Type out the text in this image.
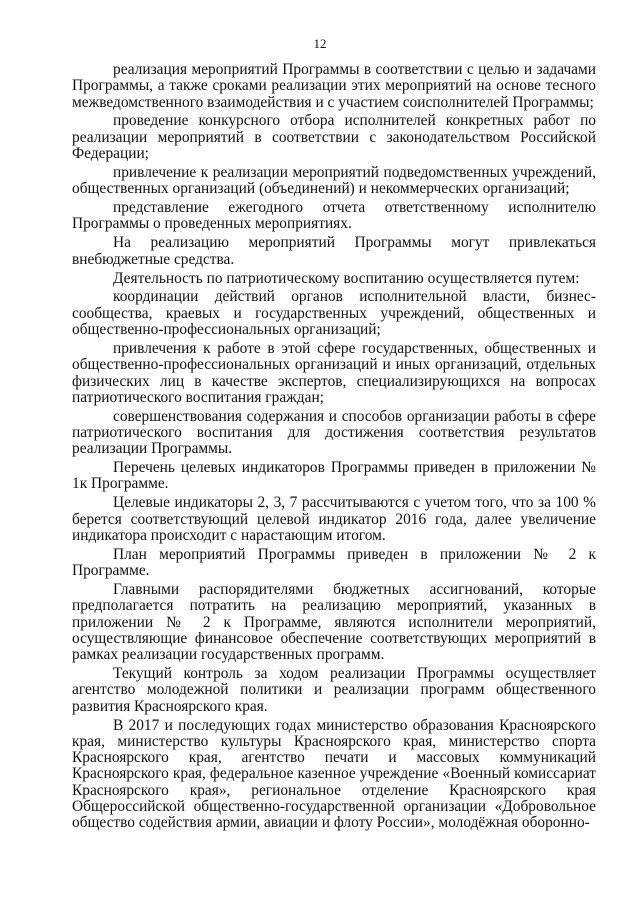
12

реализация мероприятий Программы в соответствии с целью и задачами Программы, а также сроками реализации этих мероприятий на основе тесного межведомственного взаимодействия и с участием соисполнителей Программы;

проведение конкурсного отбора исполнителей конкретных работ по реализации мероприятий в соответствии с законодательством Российской Федерации;

привлечение к реализации мероприятий подведомственных учреждений, общественных организаций (объединений) и некоммерческих организаций;

представление ежегодного отчета ответственному исполнителю Программы о проведенных мероприятиях.

На реализацию мероприятий Программы могут привлекаться внебюджетные средства.

Деятельность по патриотическому воспитанию осуществляется путем:

координации действий органов исполнительной власти, бизнес-сообщества, краевых и государственных учреждений, общественных и общественно-профессиональных организаций;

привлечения к работе в этой сфере государственных, общественных и общественно-профессиональных организаций и иных организаций, отдельных физических лиц в качестве экспертов, специализирующихся на вопросах патриотического воспитания граждан;

совершенствования содержания и способов организации работы в сфере патриотического воспитания для достижения соответствия результатов реализации Программы.

Перечень целевых индикаторов Программы приведен в приложении № 1к Программе.

Целевые индикаторы 2, 3, 7 рассчитываются с учетом того, что за 100 % берется соответствующий целевой индикатор 2016 года, далее увеличение индикатора происходит с нарастающим итогом.

План мероприятий Программы приведен в приложении № 2 к Программе.

Главными распорядителями бюджетных ассигнований, которые предполагается потратить на реализацию мероприятий, указанных в приложении № 2 к Программе, являются исполнители мероприятий, осуществляющие финансовое обеспечение соответствующих мероприятий в рамках реализации государственных программ.

Текущий контроль за ходом реализации Программы осуществляет агентство молодежной политики и реализации программ общественного развития Красноярского края.

В 2017 и последующих годах министерство образования Красноярского края, министерство культуры Красноярского края, министерство спорта Красноярского края, агентство печати и массовых коммуникаций Красноярского края, федеральное казенное учреждение «Военный комиссариат Красноярского края», региональное отделение Красноярского края Общероссийской общественно-государственной организации «Добровольное общество содействия армии, авиации и флоту России», молодёжная оборонно-
